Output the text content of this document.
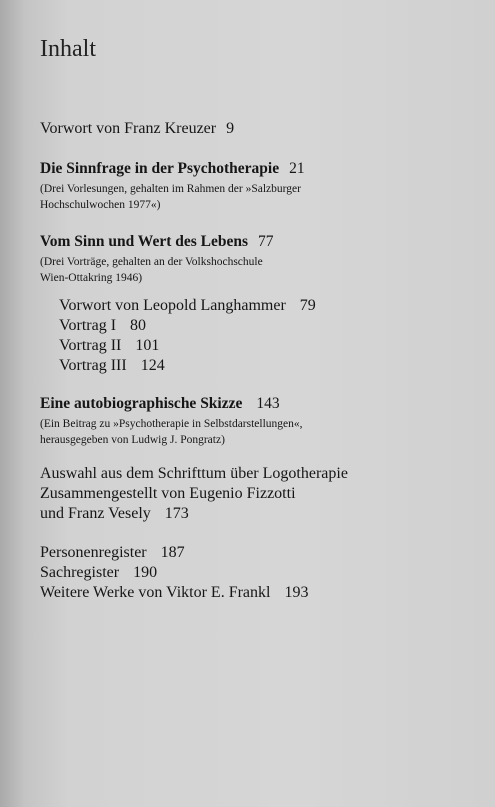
Inhalt
Vorwort von Franz Kreuzer 9
Die Sinnfrage in der Psychotherapie 21
(Drei Vorlesungen, gehalten im Rahmen der »Salzburger
Hochschulwochen 1977«)
Vom Sinn und Wert des Lebens 77
(Drei Vorträge, gehalten an der Volkshochschule
Wien-Ottakring 1946)
Vorwort von Leopold Langhammer 79
Vortrag I 80
Vortrag II 101
Vortrag III 124
Eine autobiographische Skizze 143
(Ein Beitrag zu »Psychotherapie in Selbstdarstellungen«,
herausgegeben von Ludwig J. Pongratz)
Auswahl aus dem Schrifttum über Logotherapie
Zusammengestellt von Eugenio Fizzotti
und Franz Vesely 173
Personenregister 187
Sachregister 190
Weitere Werke von Viktor E. Frankl 193
